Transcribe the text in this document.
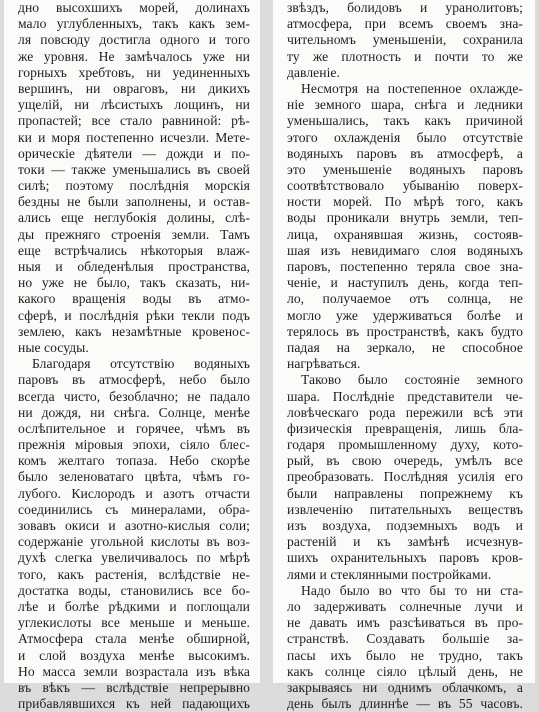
дно высохшихъ морей, долинахъ
мало углубленныхъ, такъ какъ зем-
ля повсюду достигла одного и того
же уровня. Не замѣчалось уже ни
горныхъ хребтовъ, ни уединенныхъ
вершинъ, ни овраговъ, ни дикихъ
ущелій, ни лѣсистыхъ лощинъ, ни
пропастей; все стало равниной: рѣ-
ки и моря постепенно исчезли. Мете-
орическіе дѣятели — дожди и по-
токи — также уменьшались въ своей
силѣ; поэтому послѣднія морскія
бездны не были заполнены, и остав-
ались еще неглубокія долины, слѣ-
ды прежняго строенія земли. Тамъ
еще встрѣчались нѣкоторыя влаж-
ныя и обледенѣлыя пространства,
но уже не было, такъ сказать, ни-
какого вращенія воды въ атмо-
сферѣ, и послѣднія рѣки текли подъ
землею, какъ незамѣтные кровенос-
ные сосуды.
Благодаря отсутствію водяныхъ
паровъ въ атмосферѣ, небо было
всегда чисто, безоблачно; не падало
ни дождя, ни снѣга. Солнце, менѣе
ослѣпительное и горячее, чѣмъ въ
прежнія міровыя эпохи, сіяло блес-
комъ желтаго топаза. Небо скорѣе
было зеленоватаго цвѣта, чѣмъ го-
лубого. Кислородъ и азотъ отчасти
соединились съ минералами, обра-
зовавъ окиси и азотно-кислыя соли;
содержаніе угольной кислоты въ воз-
духѣ слегка увеличивалось по мѣрѣ
того, какъ растенія, вслѣдствіе не-
достатка воды, становились все бо-
лѣе и болѣе рѣдкими и поглощали
углекислоты все меньше и меньше.
Атмосфера стала менѣе обширной,
и слой воздуха менѣе высокимъ.
Но масса земли возрастала изъ вѣка
въ вѣкъ — вслѣдствіе непрерывно
прибавлявшихся къ ней падающихъ
звѣздъ, болидовъ и уранолитовъ;
атмосфера, при всемъ своемъ зна-
чительномъ уменьшеніи, сохранила
ту же плотность и почти то же
давленіе.
Несмотря на постепенное охлажде-
ніе земного шара, снѣга и ледники
уменьшались, такъ какъ причиной
этого охлажденія было отсутствіе
водяныхъ паровъ въ атмосферѣ, а
это уменьшеніе водяныхъ паровъ
соотвѣтствовало убыванію поверх-
ности морей. По мѣрѣ того, какъ
воды проникали внутрь земли, теп-
лица, охранявшая жизнь, состояв-
шая изъ невидимаго слоя водяныхъ
паровъ, постепенно теряла свое зна-
ченіе, и наступилъ день, когда теп-
ло, получаемое отъ солнца, не
могло уже удерживаться болѣе и
терялось въ пространствѣ, какъ будто
падая на зеркало, не способное
нагрѣваться.
Таково было состояніе земного
шара. Послѣдніе представители че-
ловѣческаго рода пережили всѣ эти
физическія превращенія, лишь бла-
годаря промышленному духу, кото-
рый, въ свою очередь, умѣлъ все
преобразовать. Послѣдняя усилія его
были направлены попрежнему къ
извлеченію питательныхъ веществъ
изъ воздуха, подземныхъ водъ и
растеній и къ замѣнѣ исчезнув-
шихъ охранительныхъ паровъ кров-
лями и стеклянными постройками.
Надо было во что бы то ни ста-
ло задерживать солнечные лучи и
не давать имъ разсѣиваться въ про-
странствѣ. Создавать большіе за-
пасы ихъ было не трудно, такъ
какъ солнце сіяло цѣлый день, не
закрываясь ни однимъ облачкомъ, а
день былъ длиннѣе — въ 55 часовъ.
